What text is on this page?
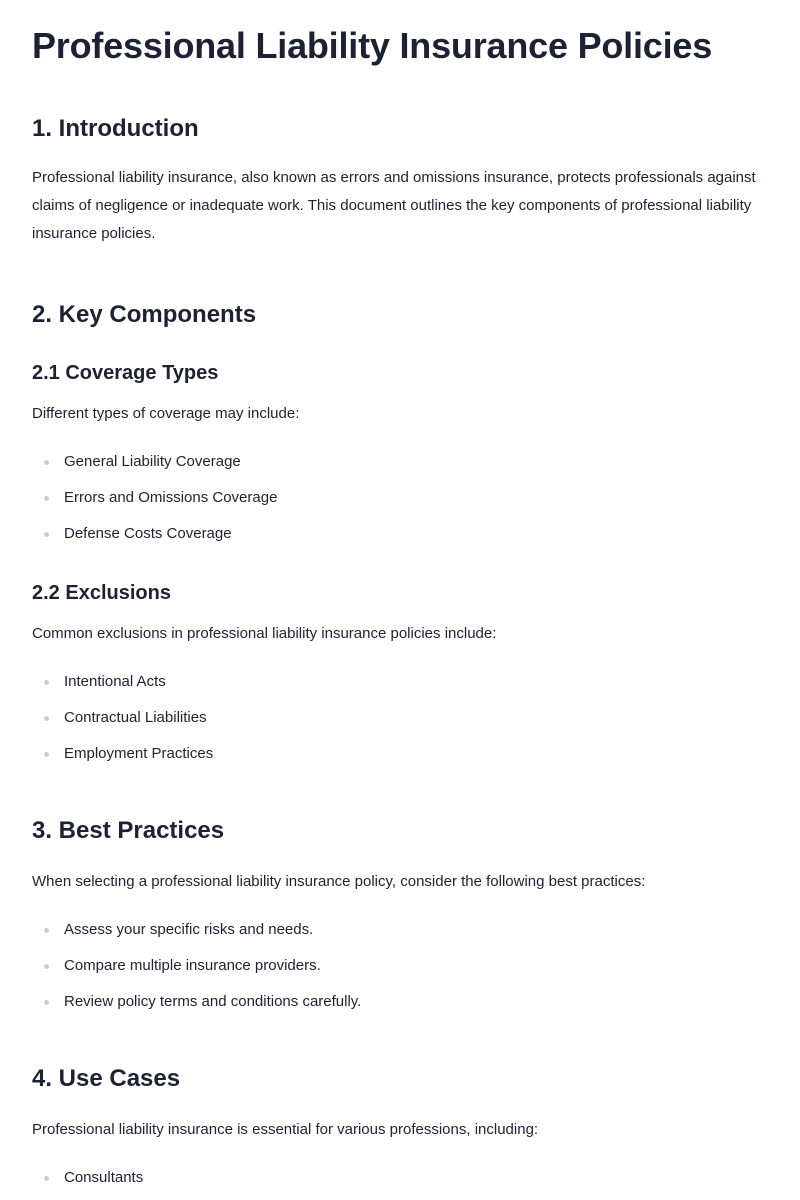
Professional Liability Insurance Policies
1. Introduction

Professional liability insurance, also known as errors and omissions insurance, protects professionals against claims of negligence or inadequate work. This document outlines the key components of professional liability insurance policies.

2. Key Components
2.1 Coverage Types

Different types of coverage may include:

General Liability Coverage
Errors and Omissions Coverage
Defense Costs Coverage
2.2 Exclusions

Common exclusions in professional liability insurance policies include:

Intentional Acts
Contractual Liabilities
Employment Practices
3. Best Practices

When selecting a professional liability insurance policy, consider the following best practices:

Assess your specific risks and needs.
Compare multiple insurance providers.
Review policy terms and conditions carefully.
4. Use Cases

Professional liability insurance is essential for various professions, including:

Consultants
